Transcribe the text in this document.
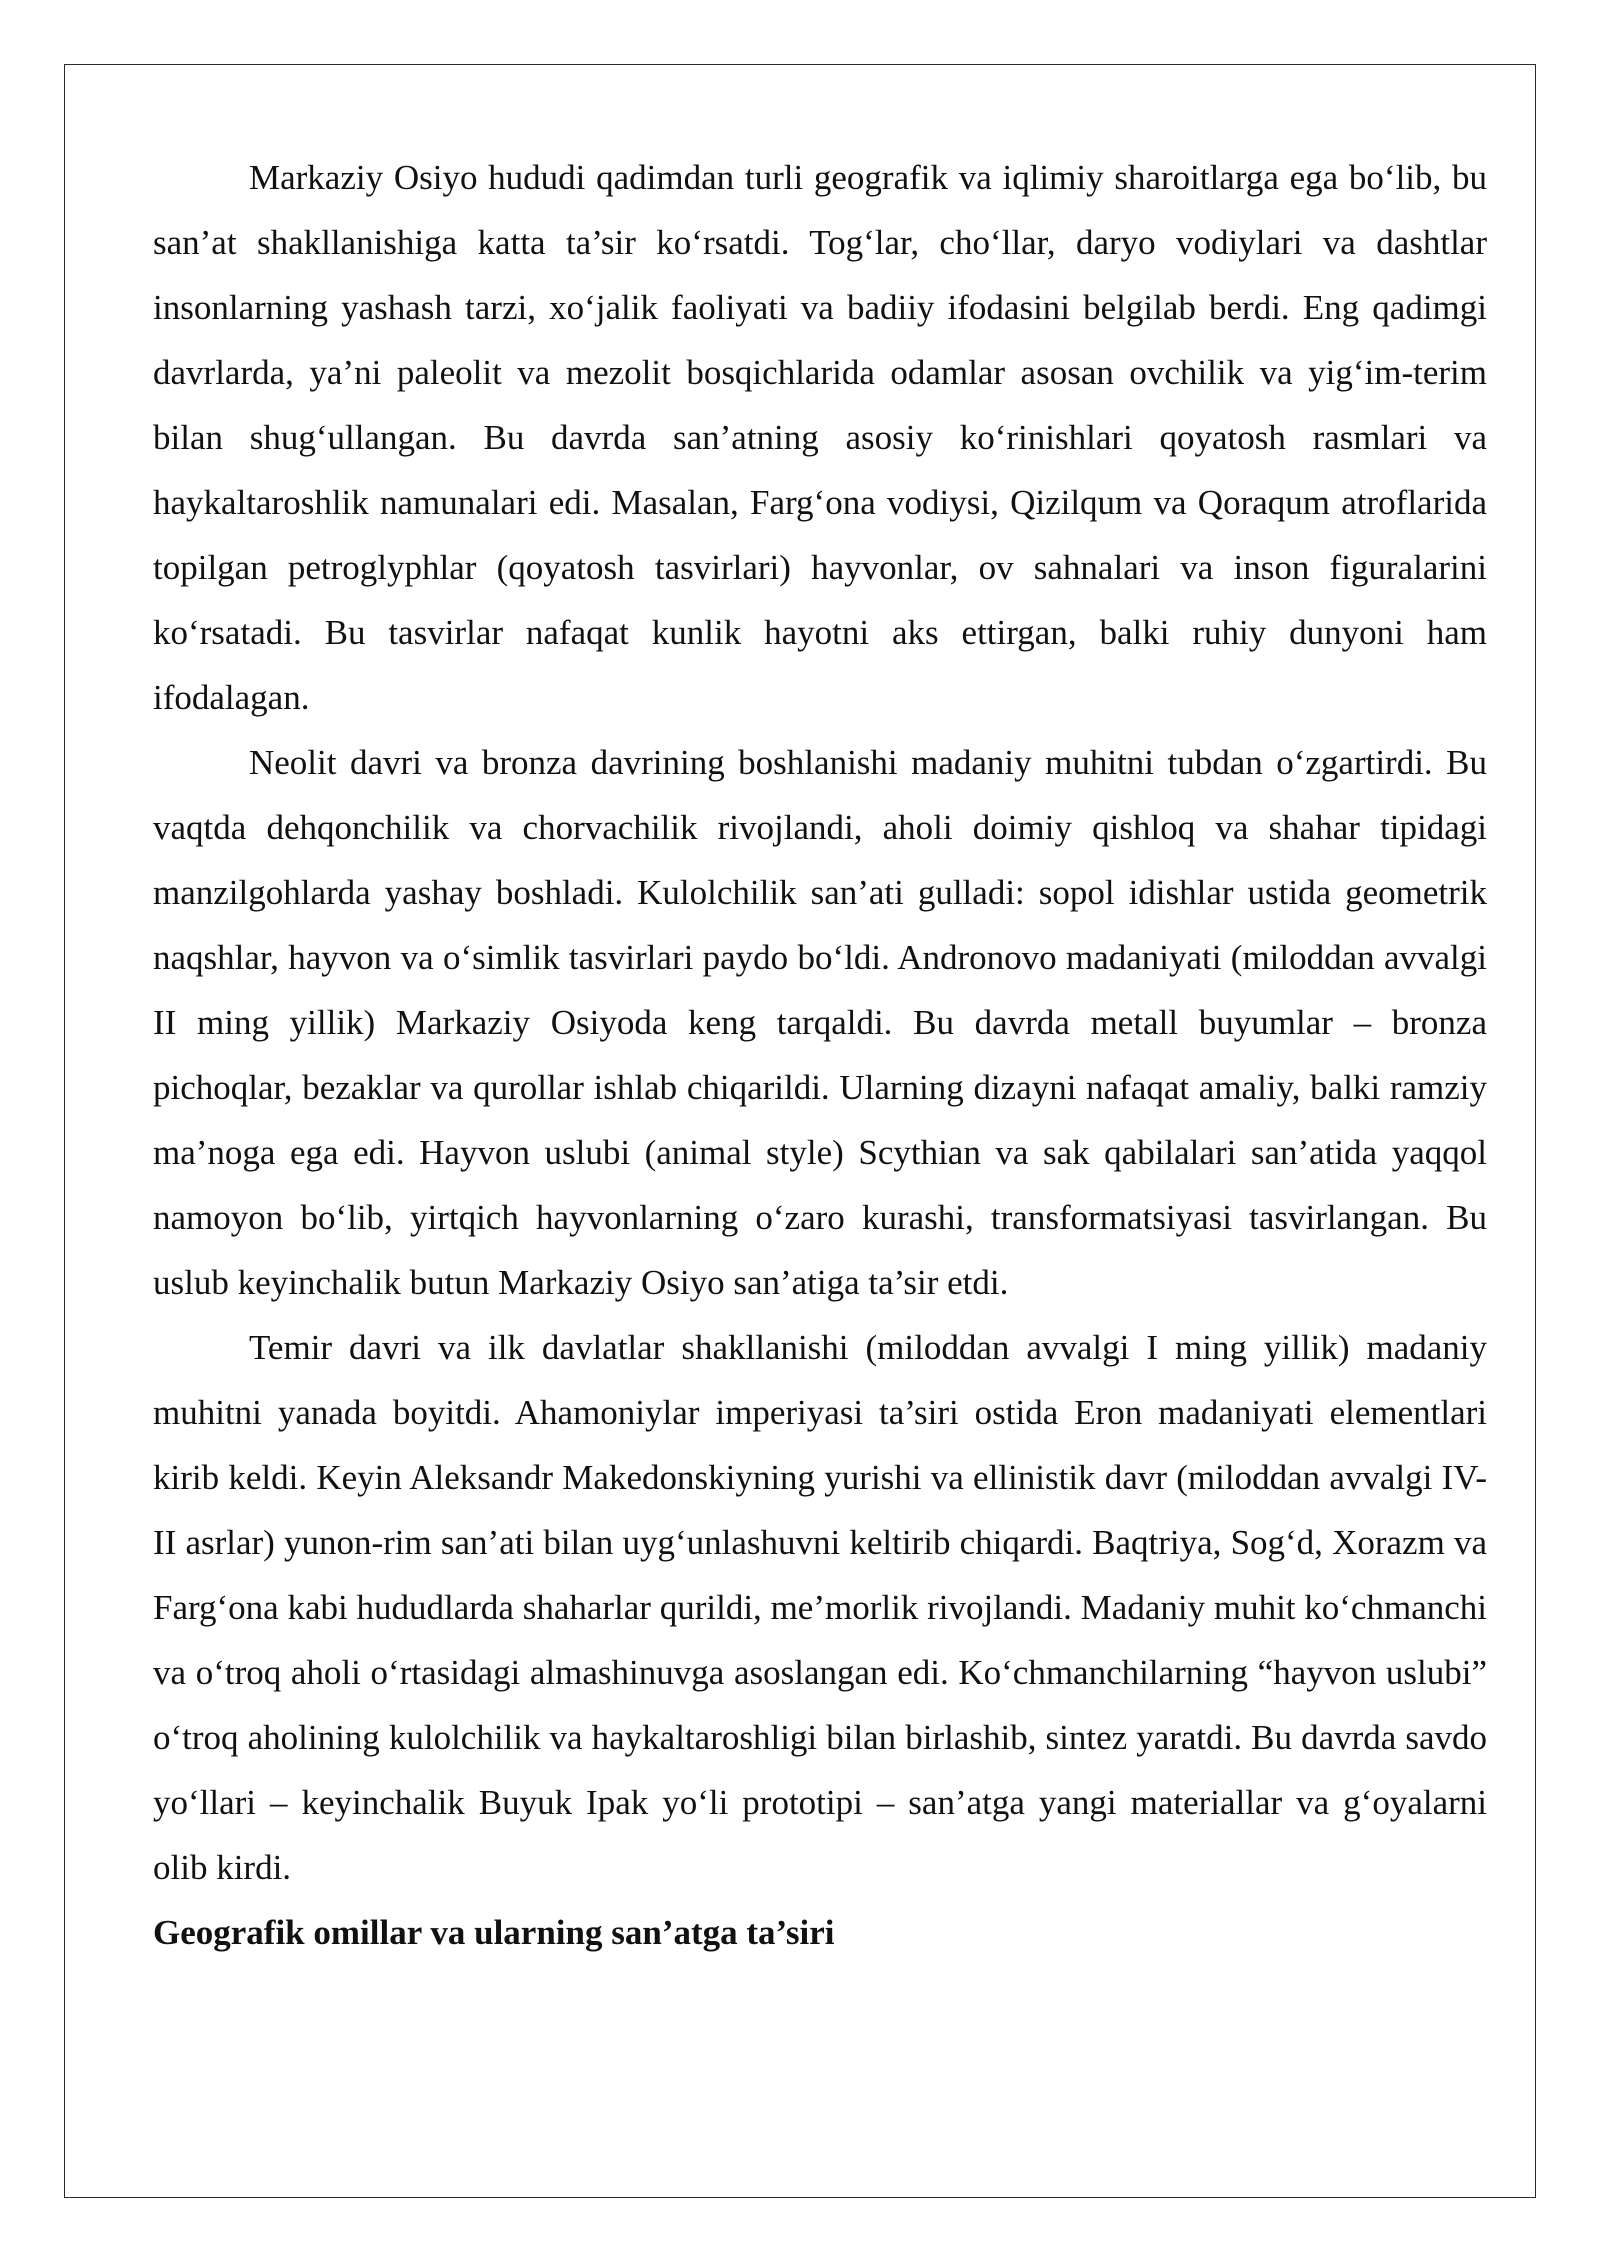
Markaziy Osiyo hududi qadimdan turli geografik va iqlimiy sharoitlarga ega bo‘lib, bu san’at shakllanishiga katta ta’sir ko‘rsatdi. Tog‘lar, cho‘llar, daryo vodiylari va dashtlar insonlarning yashash tarzi, xo‘jalik faoliyati va badiiy ifodasini belgilab berdi. Eng qadimgi davrlarda, ya’ni paleolit va mezolit bosqichlarida odamlar asosan ovchilik va yig‘im-terim bilan shug‘ullangan. Bu davrda san’atning asosiy ko‘rinishlari qoyatosh rasmlari va haykaltaroshlik namunalari edi. Masalan, Farg‘ona vodiysi, Qizilqum va Qoraqum atroflarida topilgan petroglyphlar (qoyatosh tasvirlari) hayvonlar, ov sahnalari va inson figuralarini ko‘rsatadi. Bu tasvirlar nafaqat kunlik hayotni aks ettirgan, balki ruhiy dunyoni ham ifodalagan.

Neolit davri va bronza davrining boshlanishi madaniy muhitni tubdan o‘zgartirdi. Bu vaqtda dehqonchilik va chorvachilik rivojlandi, aholi doimiy qishloq va shahar tipidagi manzilgohlarda yashay boshladi. Kulolchilik san’ati gulladi: sopol idishlar ustida geometrik naqshlar, hayvon va o‘simlik tasvirlari paydo bo‘ldi. Andronovo madaniyati (miloddan avvalgi II ming yillik) Markaziy Osiyoda keng tarqaldi. Bu davrda metall buyumlar – bronza pichoqlar, bezaklar va qurollar ishlab chiqarildi. Ularning dizayni nafaqat amaliy, balki ramziy ma’noga ega edi. Hayvon uslubi (animal style) Scythian va sak qabilalari san’atida yaqqol namoyon bo‘lib, yirtqich hayvonlarning o‘zaro kurashi, transformatsiyasi tasvirlangan. Bu uslub keyinchalik butun Markaziy Osiyo san’atiga ta’sir etdi.

Temir davri va ilk davlatlar shakllanishi (miloddan avvalgi I ming yillik) madaniy muhitni yanada boyitdi. Ahamoniylar imperiyasi ta’siri ostida Eron madaniyati elementlari kirib keldi. Keyin Aleksandr Makedonskiyning yurishi va ellinistik davr (miloddan avvalgi IV-II asrlar) yunon-rim san’ati bilan uyg‘unlashuvni keltirib chiqardi. Baqtriya, Sog‘d, Xorazm va Farg‘ona kabi hududlarda shaharlar qurildi, me’morlik rivojlandi. Madaniy muhit ko‘chmanchi va o‘troq aholi o‘rtasidagi almashinuvga asoslangan edi. Ko‘chmanchilarning “hayvon uslubi” o‘troq aholining kulolchilik va haykaltaroshligi bilan birlashib, sintez yaratdi. Bu davrda savdo yo‘llari – keyinchalik Buyuk Ipak yo‘li prototipi – san’atga yangi materiallar va g‘oyalarni olib kirdi.

Geografik omillar va ularning san’atga ta’siri
